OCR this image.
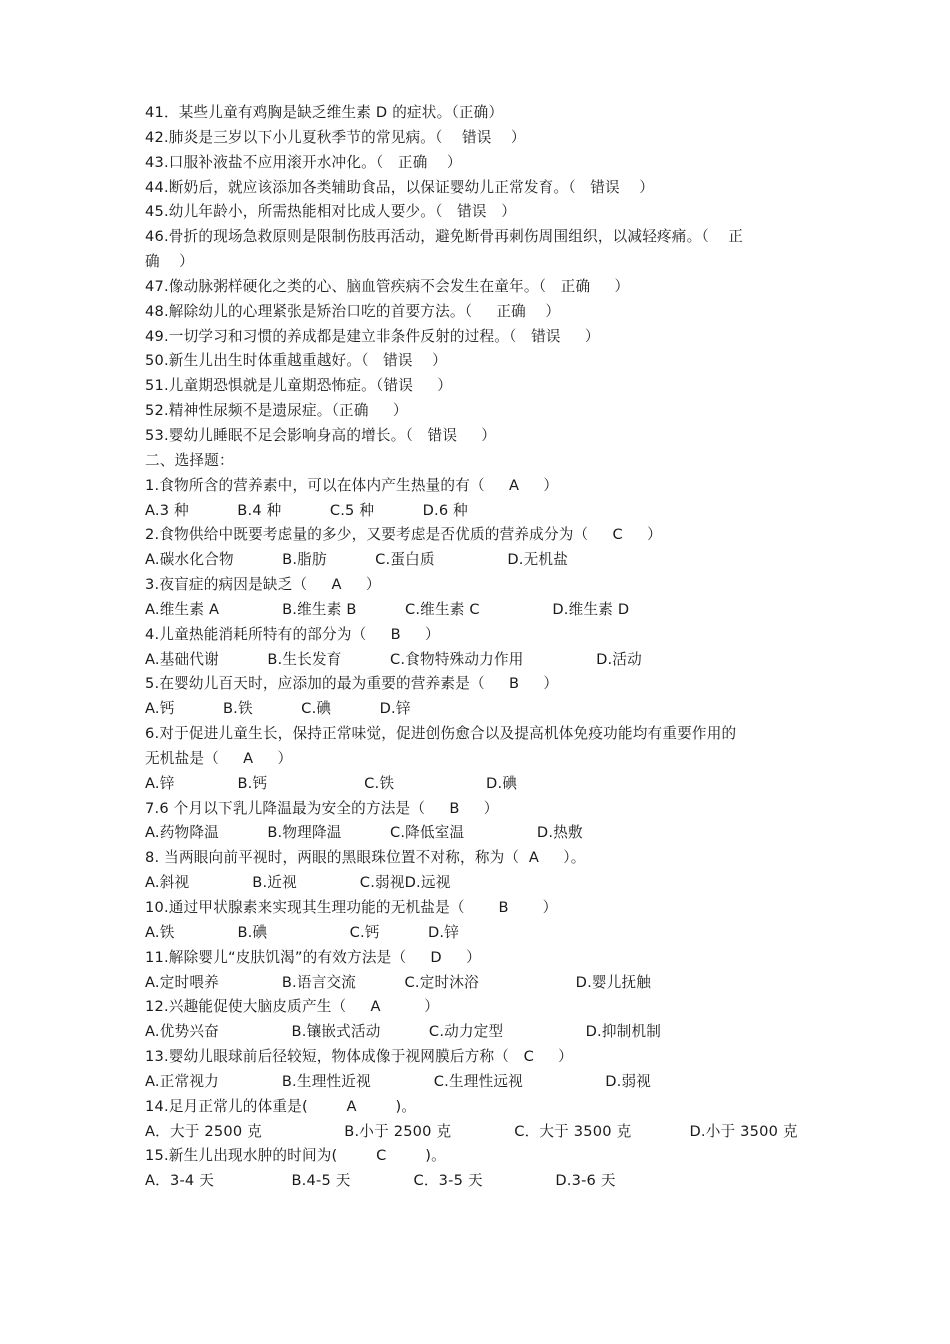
41．某些儿童有鸡胸是缺乏维生素 D 的症状。（正确）
42.肺炎是三岁以下小儿夏秋季节的常见病。（    错误    ）
43.口服补液盐不应用滚开水冲化。（   正确    ）
44.断奶后，就应该添加各类辅助食品，以保证婴幼儿正常发育。（   错误    ）
45.幼儿年龄小，所需热能相对比成人要少。（   错误   ）
46.骨折的现场急救原则是限制伤肢再活动，避免断骨再刺伤周围组织，以减轻疼痛。（    正
确    ）
47.像动脉粥样硬化之类的心、脑血管疾病不会发生在童年。（   正确     ）
48.解除幼儿的心理紧张是矫治口吃的首要方法。（     正确    ）
49.一切学习和习惯的养成都是建立非条件反射的过程。（   错误     ）
50.新生儿出生时体重越重越好。（   错误    ）
51.儿童期恐惧就是儿童期恐怖症。（错误     ）
52.精神性尿频不是遗尿症。（正确     ）
53.婴幼儿睡眠不足会影响身高的增长。（   错误     ）
二、选择题：
1.食物所含的营养素中，可以在体内产生热量的有（     A     ）
A.3 种          B.4 种          C.5 种          D.6 种
2.食物供给中既要考虑量的多少，又要考虑是否优质的营养成分为（     C     ）
A.碳水化合物          B.脂肪          C.蛋白质               D.无机盐
3.夜盲症的病因是缺乏（     A     ）
A.维生素 A             B.维生素 B          C.维生素 C               D.维生素 D
4.儿童热能消耗所特有的部分为（     B     ）
A.基础代谢          B.生长发育          C.食物特殊动力作用               D.活动
5.在婴幼儿百天时，应添加的最为重要的营养素是（     B     ）
A.钙          B.铁          C.碘          D.锌
6.对于促进儿童生长，保持正常味觉，促进创伤愈合以及提高机体免疫功能均有重要作用的
无机盐是（     A     ）
A.锌             B.钙                    C.铁                   D.碘
7.6 个月以下乳儿降温最为安全的方法是（     B     ）
A.药物降温          B.物理降温          C.降低室温               D.热敷
8. 当两眼向前平视时，两眼的黑眼珠位置不对称，称为（  A     ）。
A.斜视             B.近视             C.弱视D.远视
10.通过甲状腺素来实现其生理功能的无机盐是（       B       ）
A.铁             B.碘                 C.钙          D.锌
11.解除婴儿“皮肤饥渴”的有效方法是（     D     ）
A.定时喂养             B.语言交流          C.定时沐浴                    D.婴儿抚触
12.兴趣能促使大脑皮质产生（     A         ）
A.优势兴奋               B.镶嵌式活动          C.动力定型                 D.抑制机制
13.婴幼儿眼球前后径较短，物体成像于视网膜后方称（   C     ）
A.正常视力             B.生理性近视             C.生理性远视                 D.弱视
14.足月正常儿的体重是(        A        )。
A．大于 2500 克                 B.小于 2500 克             C．大于 3500 克            D.小于 3500 克
15.新生儿出现水肿的时间为(        C        )。
A．3-4 天                B.4-5 天             C．3-5 天               D.3-6 天
